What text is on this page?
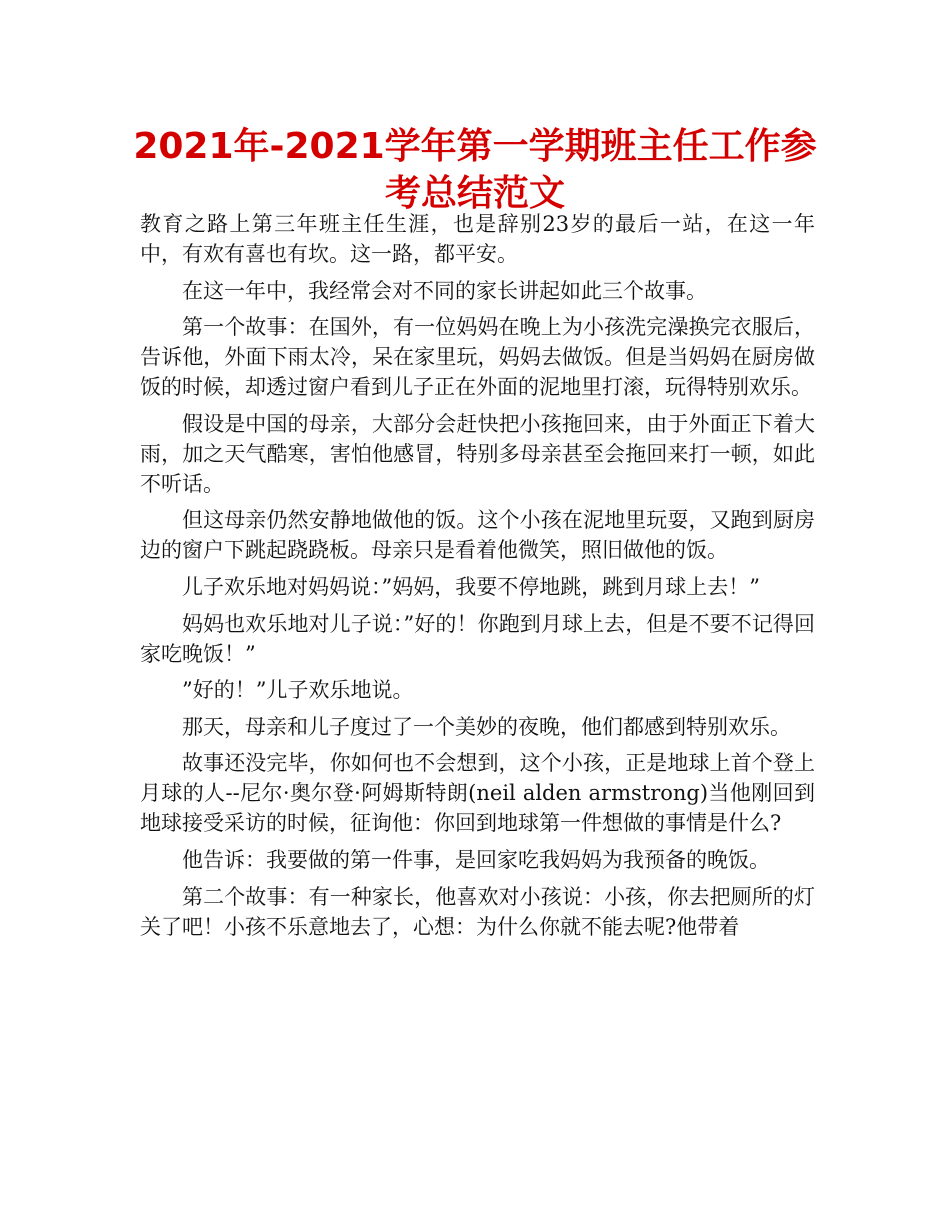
2021年-2021学年第一学期班主任工作参考总结范文

教育之路上第三年班主任生涯，也是辞别23岁的最后一站，在这一年中，有欢有喜也有坎。这一路，都平安。

在这一年中，我经常会对不同的家长讲起如此三个故事。

第一个故事：在国外，有一位妈妈在晚上为小孩洗完澡换完衣服后，告诉他，外面下雨太冷，呆在家里玩，妈妈去做饭。但是当妈妈在厨房做饭的时候，却透过窗户看到儿子正在外面的泥地里打滚，玩得特别欢乐。

假设是中国的母亲，大部分会赶快把小孩拖回来，由于外面正下着大雨，加之天气酷寒，害怕他感冒，特别多母亲甚至会拖回来打一顿，如此不听话。

但这母亲仍然安静地做他的饭。这个小孩在泥地里玩耍，又跑到厨房边的窗户下跳起跷跷板。母亲只是看着他微笑，照旧做他的饭。

儿子欢乐地对妈妈说：”妈妈，我要不停地跳，跳到月球上去！”

妈妈也欢乐地对儿子说：”好的！你跑到月球上去，但是不要不记得回家吃晚饭！”

”好的！”儿子欢乐地说。

那天，母亲和儿子度过了一个美妙的夜晚，他们都感到特别欢乐。

故事还没完毕，你如何也不会想到，这个小孩，正是地球上首个登上月球的人--尼尔·奥尔登·阿姆斯特朗(neil alden armstrong)当他刚回到地球接受采访的时候，征询他：你回到地球第一件想做的事情是什么?

他告诉：我要做的第一件事，是回家吃我妈妈为我预备的晚饭。

第二个故事：有一种家长，他喜欢对小孩说：小孩，你去把厕所的灯关了吧！小孩不乐意地去了，心想：为什么你就不能去呢?他带着
